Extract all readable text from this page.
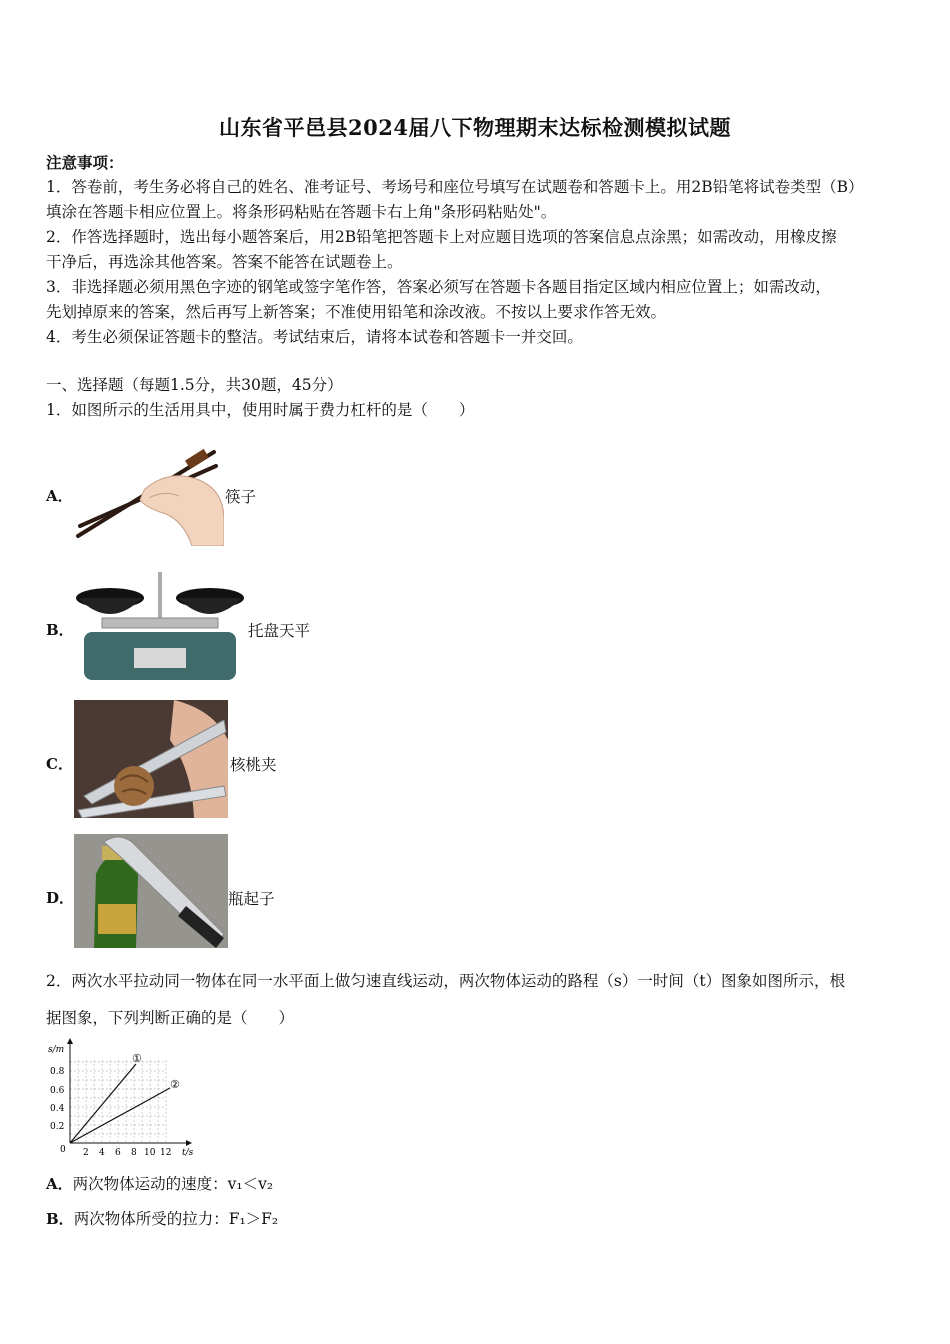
山东省平邑县2024届八下物理期末达标检测模拟试题
注意事项：
1．答卷前，考生务必将自己的姓名、准考证号、考场号和座位号填写在试题卷和答题卡上。用2B铅笔将试卷类型（B）
填涂在答题卡相应位置上。将条形码粘贴在答题卡右上角"条形码粘贴处"。
2．作答选择题时，选出每小题答案后，用2B铅笔把答题卡上对应题目选项的答案信息点涂黑；如需改动，用橡皮擦
干净后，再选涂其他答案。答案不能答在试题卷上。
3．非选择题必须用黑色字迹的钢笔或签字笔作答，答案必须写在答题卡各题目指定区域内相应位置上；如需改动，
先划掉原来的答案，然后再写上新答案；不准使用铅笔和涂改液。不按以上要求作答无效。
4．考生必须保证答题卡的整洁。考试结束后，请将本试卷和答题卡一并交回。
一、选择题（每题1.5分，共30题，45分）
1．如图所示的生活用具中，使用时属于费力杠杆的是（　　）
A．	筷子
B．	托盘天平
C．	核桃夹
D．	瓶起子
2．两次水平拉动同一物体在同一水平面上做匀速直线运动，两次物体运动的路程（s）一时间（t）图象如图所示，根
据图象，下列判断正确的是（　　）
①
②
s/m
t/s
0
0.8
0.6
0.4
0.2
2 4 6 8 10 12
A．两次物体运动的速度：v₁＜v₂
B．两次物体所受的拉力：F₁＞F₂
